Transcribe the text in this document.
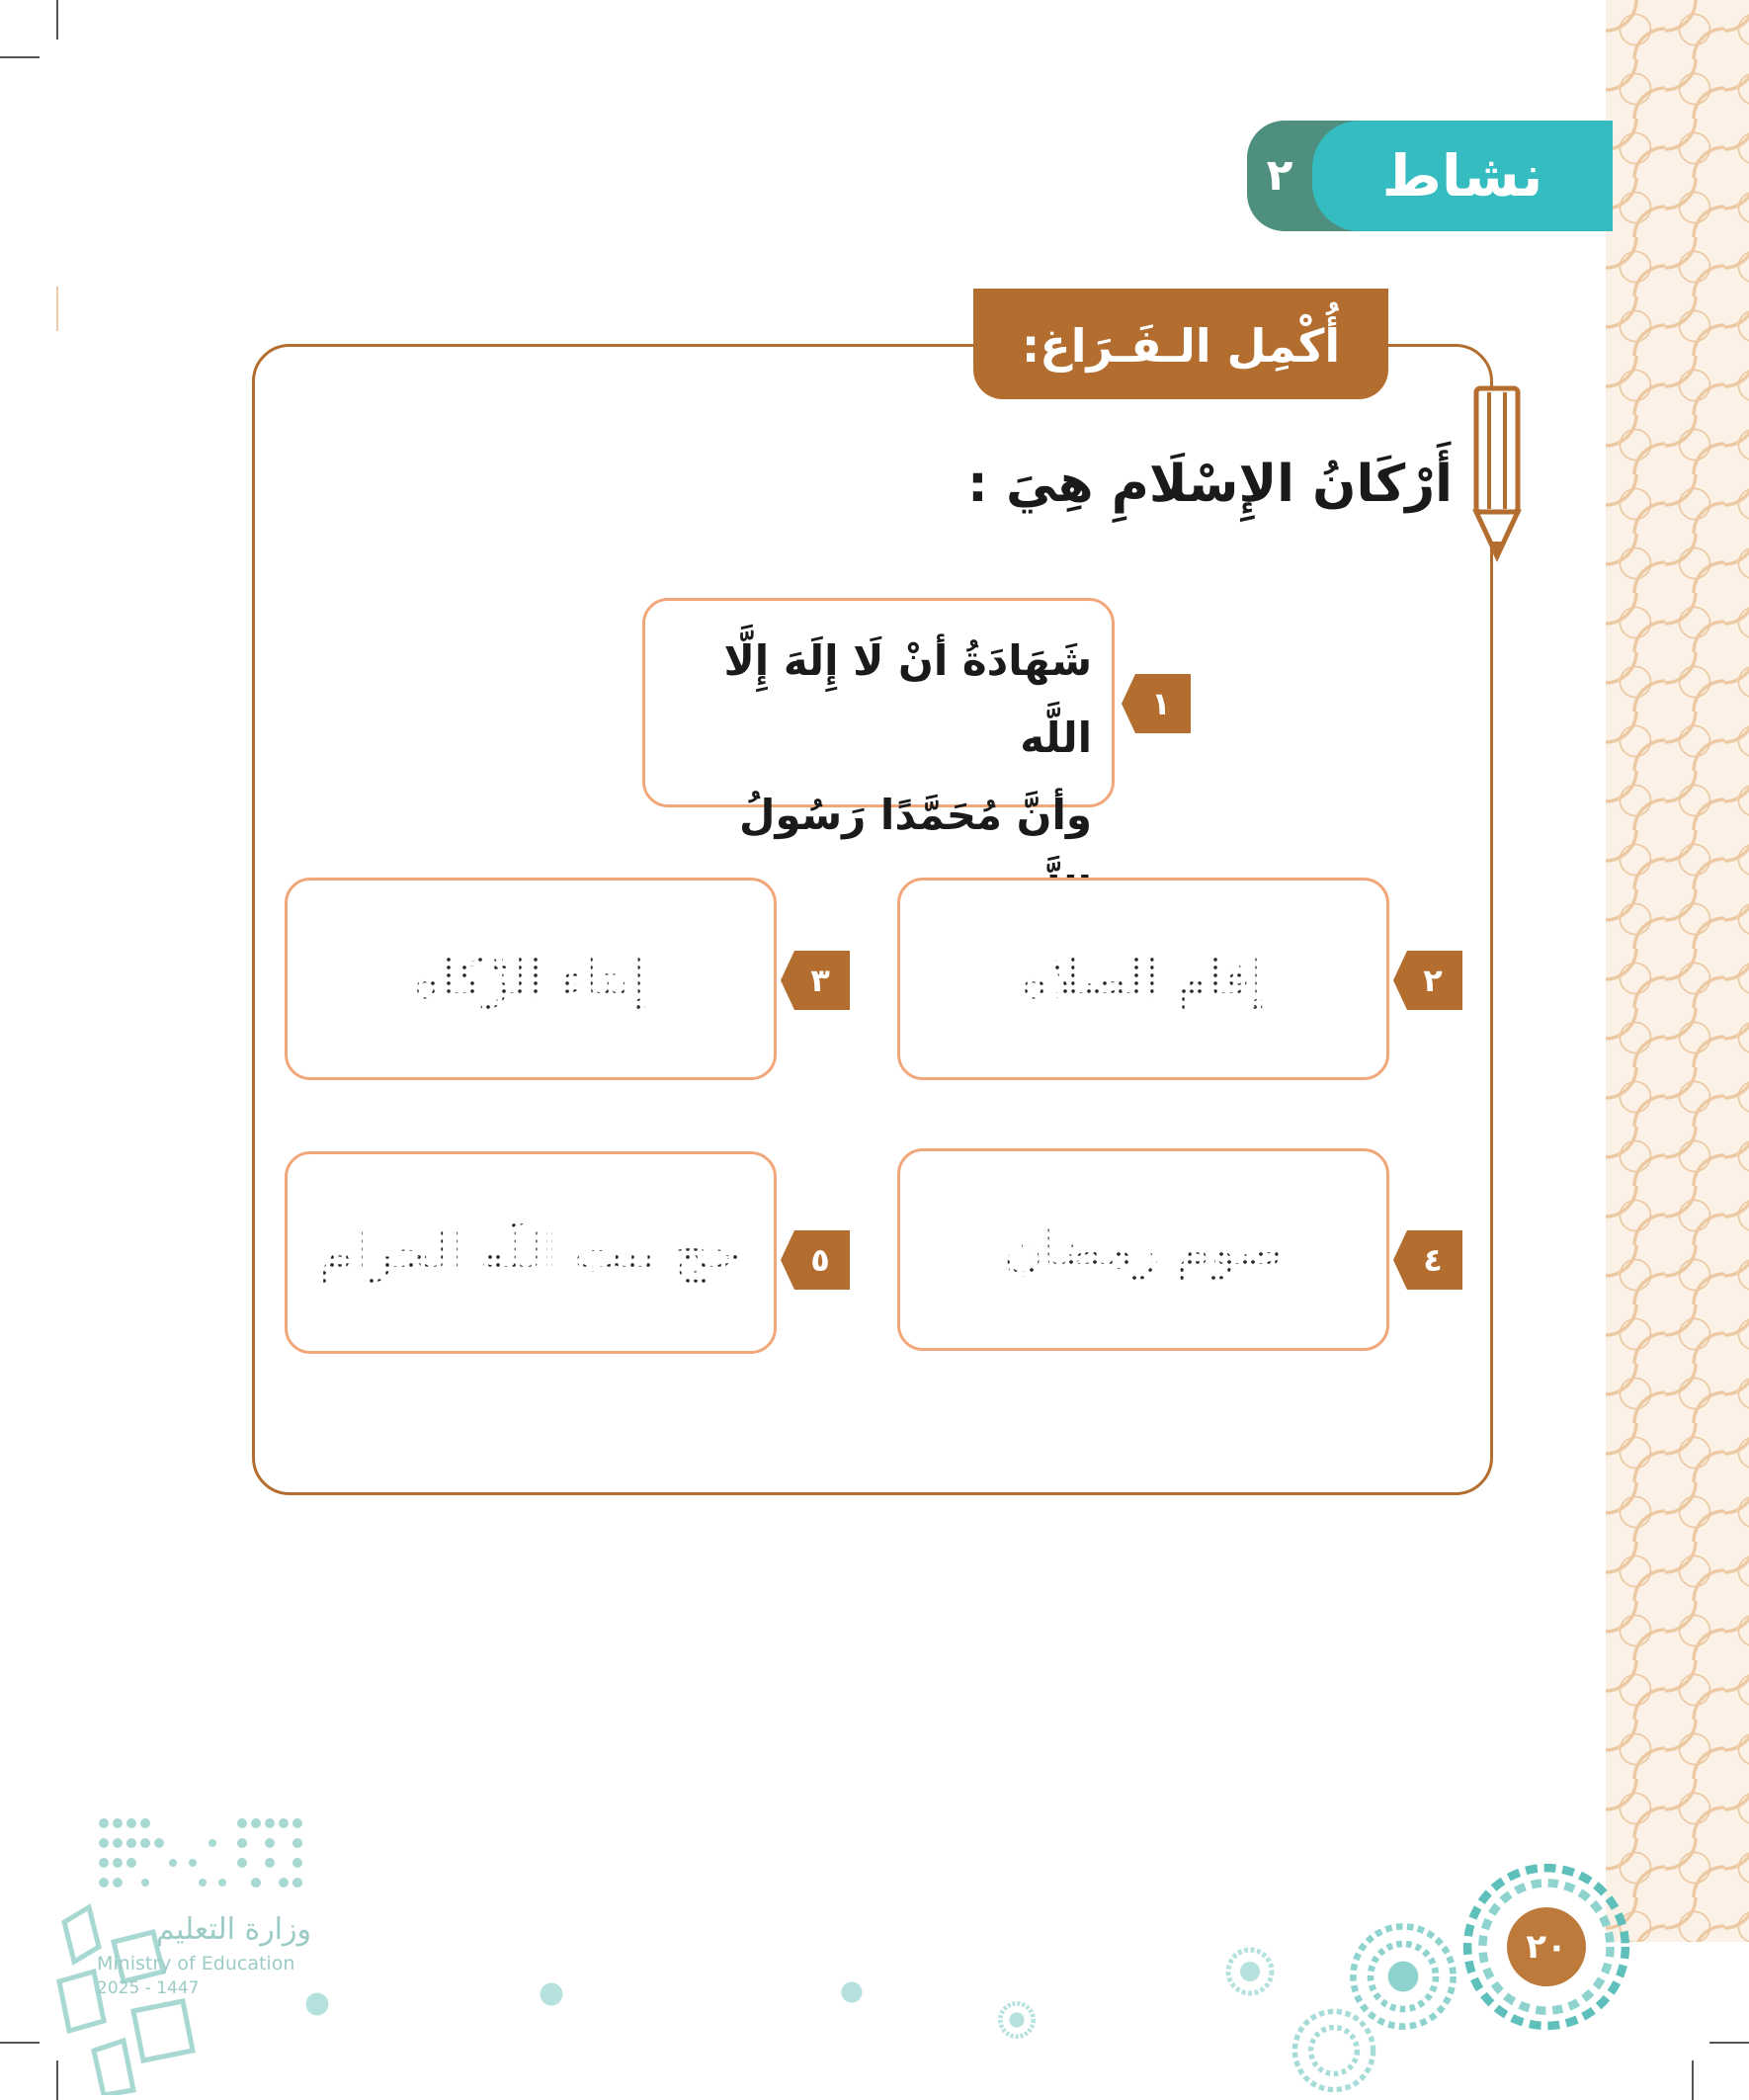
٢	نشاط
أُكْمِل الـفَـرَاغ:
أَرْكَانُ الإِسْلَامِ هِيَ :
شَهَادَةُ أنْ لَا إِلَهَ إِلَّا اللَّه
وأنَّ مُحَمَّدًا رَسُولُ
١
إقام الصلاة	٢
إيتاء الزّكاة	٣
صوم رمضان	٤
حج بيت اللّه الحرام	٥
٢٠
وزارة التعليم
Ministry of Education
2025 - 1447
